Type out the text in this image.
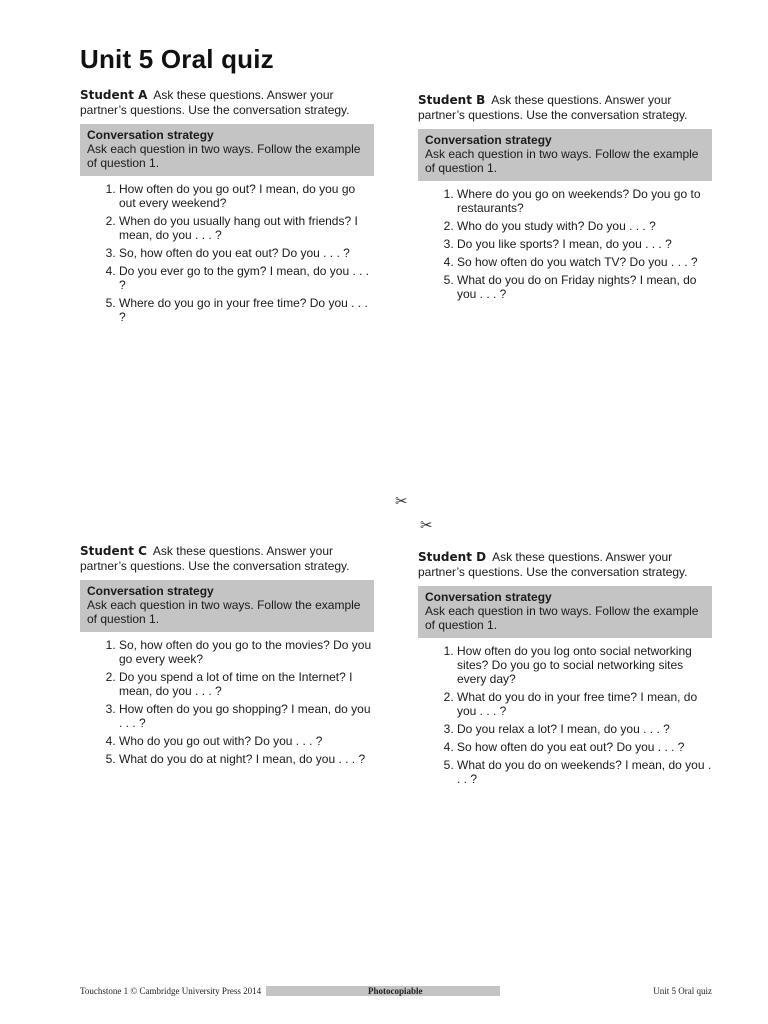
Unit 5 Oral quiz

Student A Ask these questions. Answer your partner’s questions. Use the conversation strategy.

Conversation strategy
Ask each question in two ways. Follow the example of question 1.
1. How often do you go out? I mean, do you go out every weekend?
2. When do you usually hang out with friends? I mean, do you . . . ?
3. So, how often do you eat out? Do you . . . ?
4. Do you ever go to the gym? I mean, do you . . . ?
5. Where do you go in your free time? Do you . . . ?

Student B Ask these questions. Answer your partner’s questions. Use the conversation strategy.

Conversation strategy
Ask each question in two ways. Follow the example of question 1.
1. Where do you go on weekends? Do you go to restaurants?
2. Who do you study with? Do you . . . ?
3. Do you like sports? I mean, do you . . . ?
4. So how often do you watch TV? Do you . . . ?
5. What do you do on Friday nights? I mean, do you . . . ?
✂
✂

Student C Ask these questions. Answer your partner’s questions. Use the conversation strategy.

Conversation strategy
Ask each question in two ways. Follow the example of question 1.
1. So, how often do you go to the movies? Do you go every week?
2. Do you spend a lot of time on the Internet? I mean, do you . . . ?
3. How often do you go shopping? I mean, do you . . . ?
4. Who do you go out with? Do you . . . ?
5. What do you do at night? I mean, do you . . . ?

Student D Ask these questions. Answer your partner’s questions. Use the conversation strategy.

Conversation strategy
Ask each question in two ways. Follow the example of question 1.
1. How often do you log onto social networking sites? Do you go to social networking sites every day?
2. What do you do in your free time? I mean, do you . . . ?
3. Do you relax a lot? I mean, do you . . . ?
4. So how often do you eat out? Do you . . . ?
5. What do you do on weekends? I mean, do you . . . ?
Touchstone 1 © Cambridge University Press 2014	Photocopiable	Unit 5 Oral quiz
